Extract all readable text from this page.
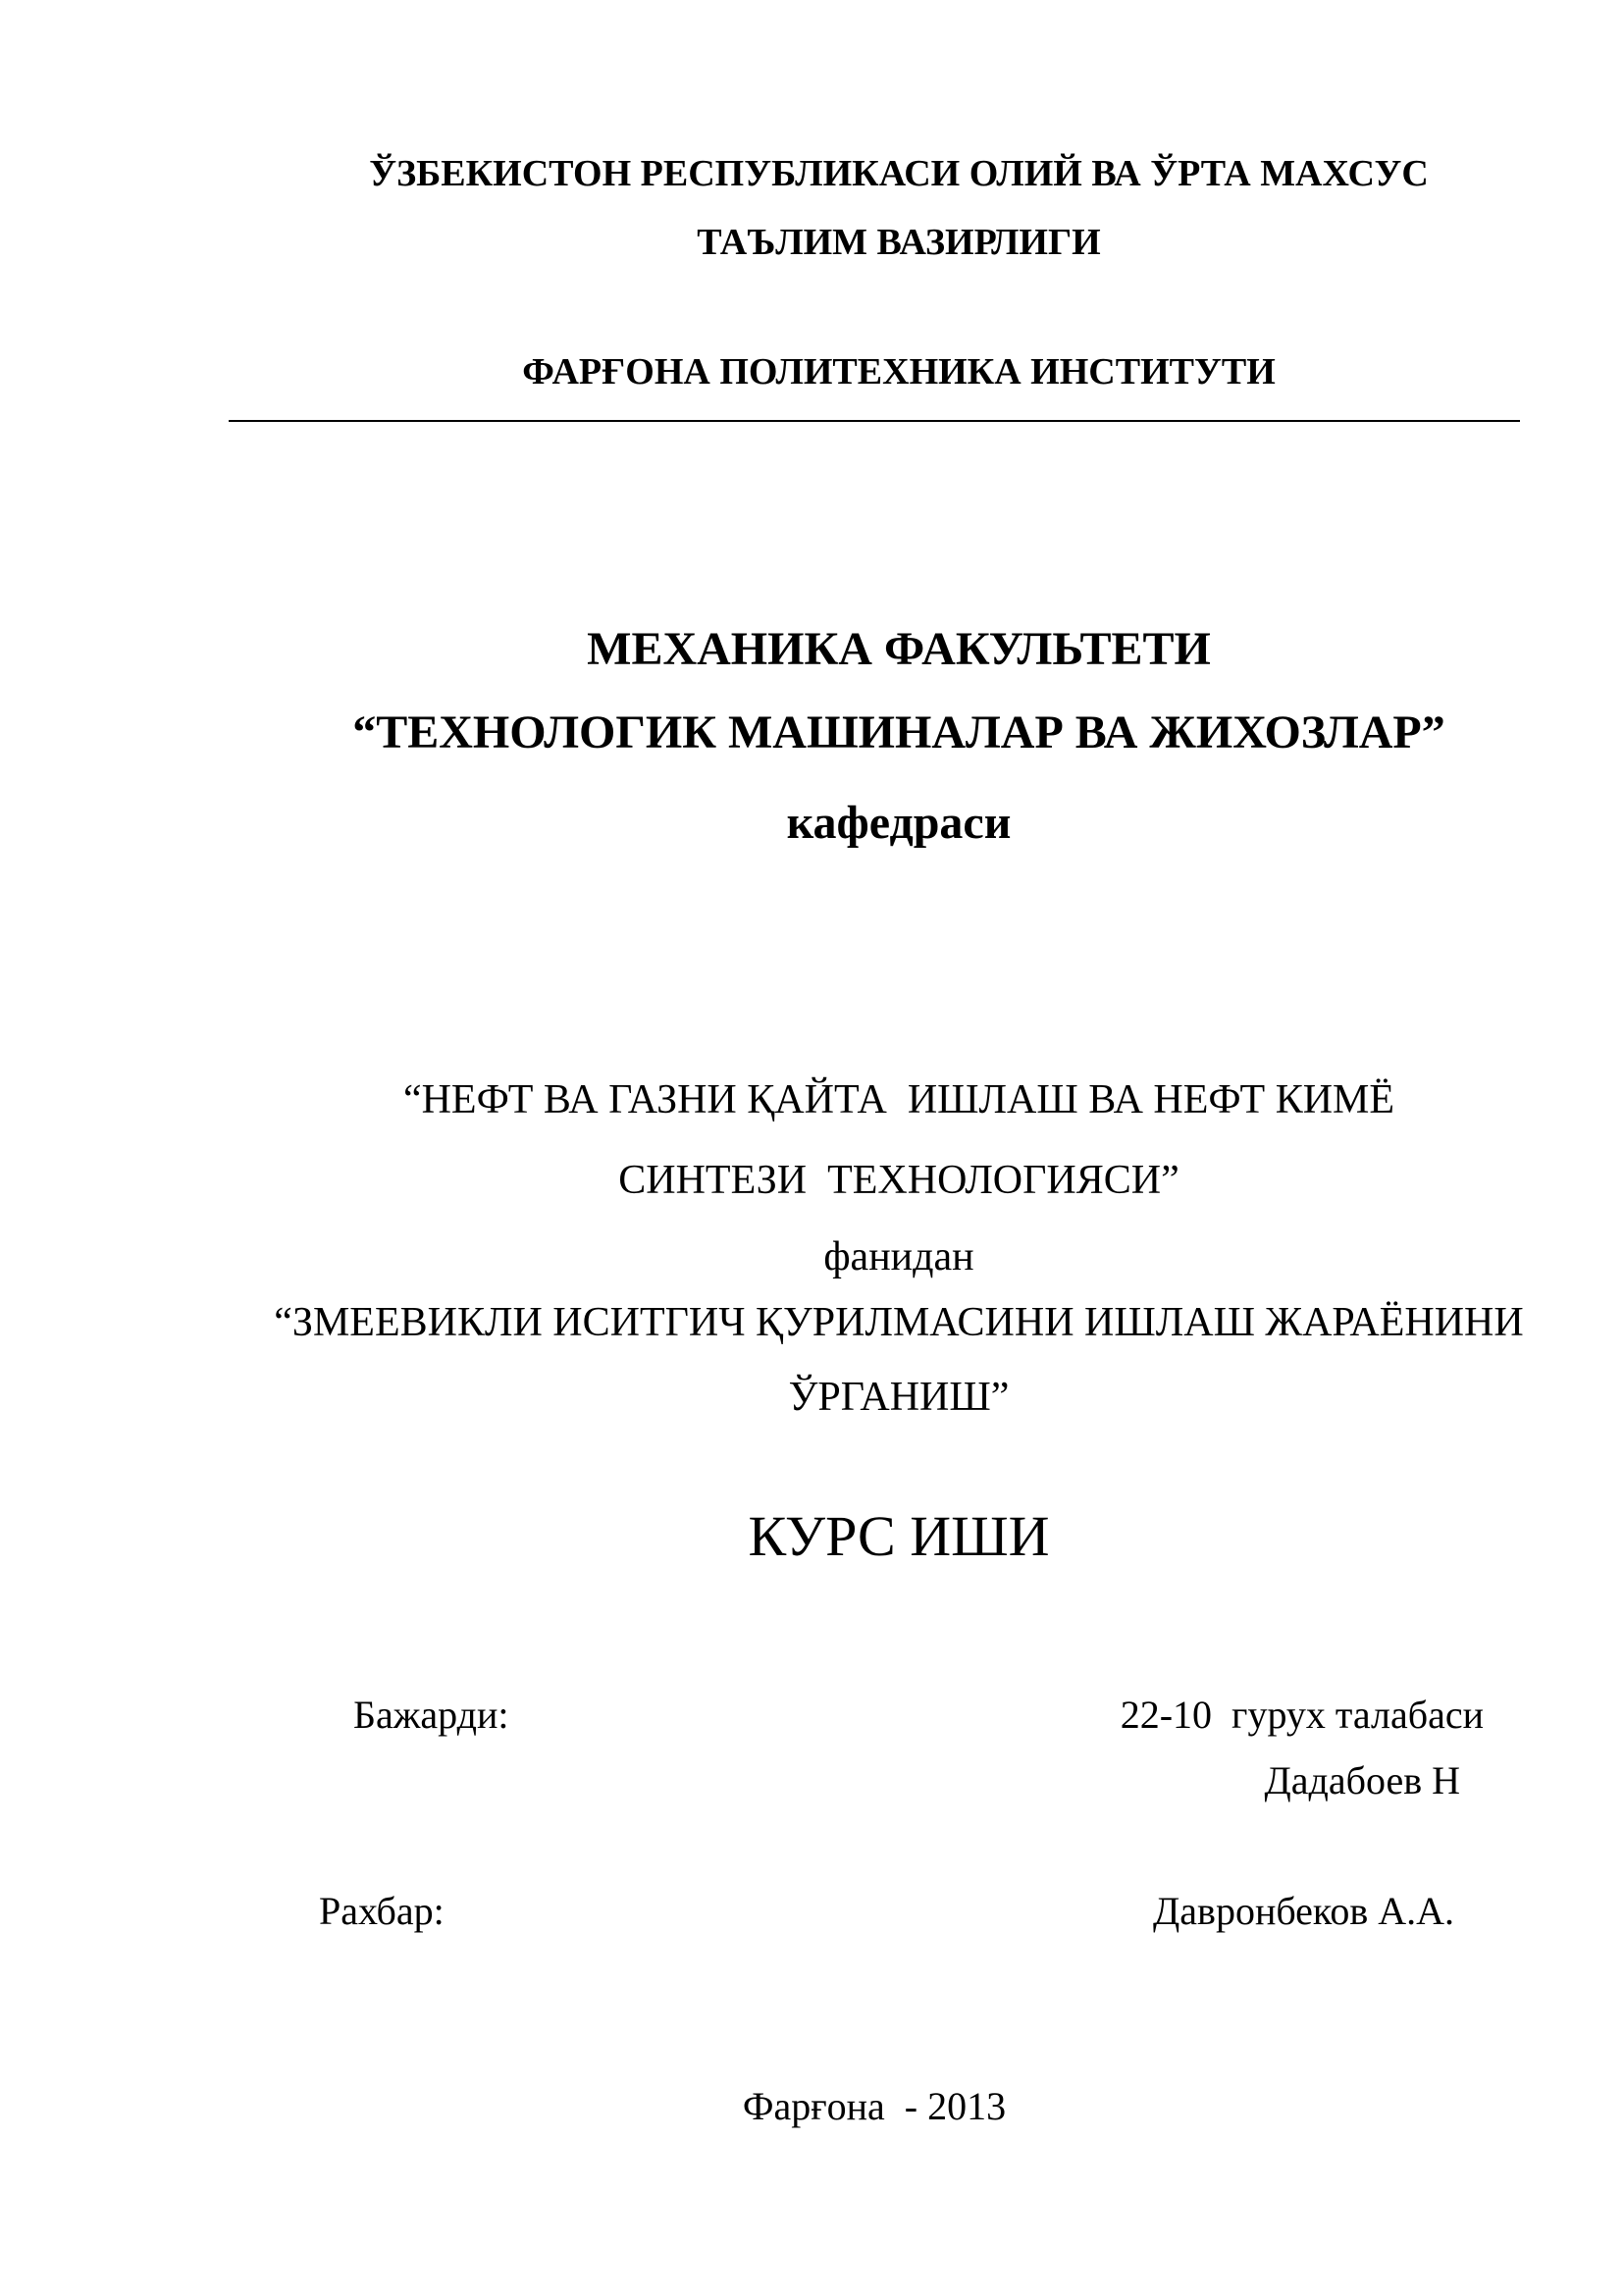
ЎЗБЕКИСТОН РЕСПУБЛИКАСИ ОЛИЙ ВА ЎРТА МАХСУС
ТАЪЛИМ ВАЗИРЛИГИ
ФАРҒОНА ПОЛИТЕХНИКА ИНСТИТУТИ
МЕХАНИКА ФАКУЛЬТЕТИ
“ТЕХНОЛОГИК МАШИНАЛАР ВА ЖИХОЗЛАР”
кафедраси
“НЕФТ ВА ГАЗНИ ҚАЙТА  ИШЛАШ ВА НЕФТ КИМЁ
СИНТЕЗИ  ТЕХНОЛОГИЯСИ”
фанидан
“ЗМЕЕВИКЛИ ИСИТГИЧ ҚУРИЛМАСИНИ ИШЛАШ ЖАРАЁНИНИ
ЎРГАНИШ”
КУРС ИШИ
Бажарди:	22-10  гурух талабаси
Дадабоев Н
Рахбар:	Давронбеков А.А.
Фарғона  - 2013
